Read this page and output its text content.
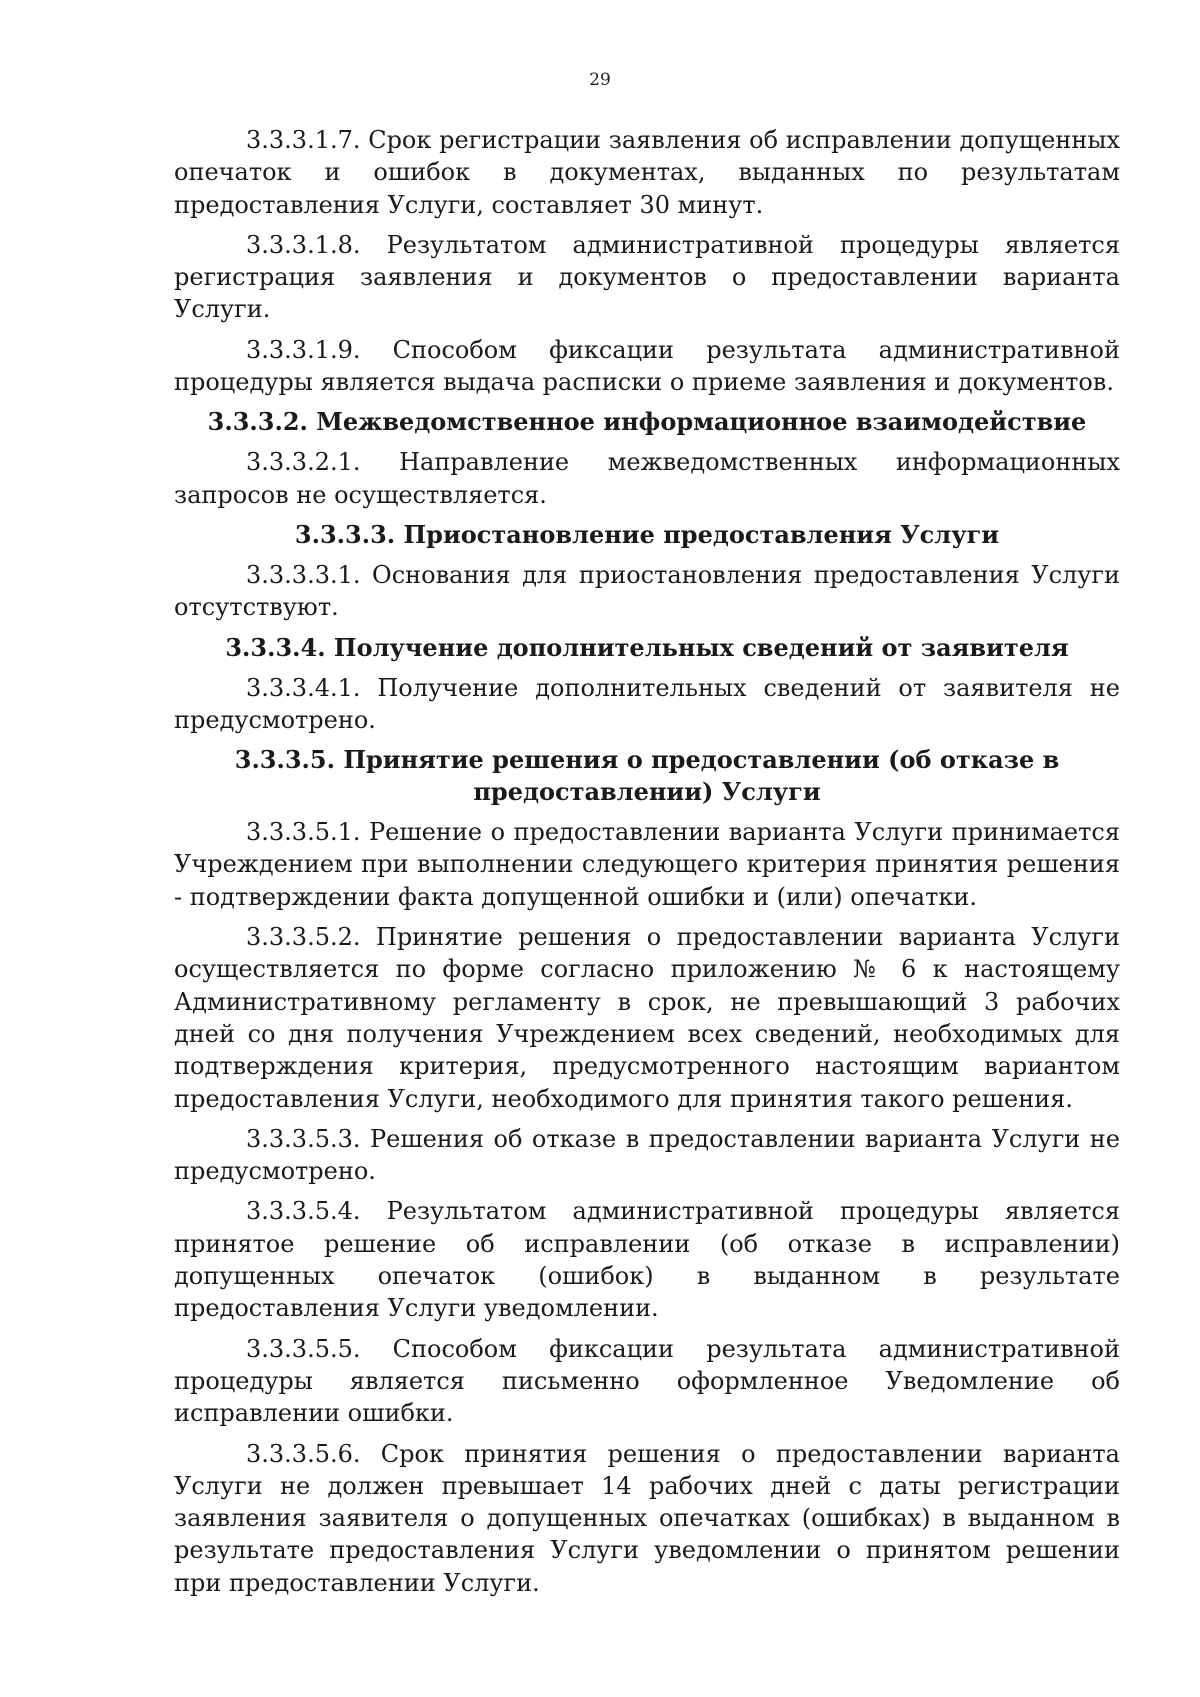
29

3.3.3.1.7. Срок регистрации заявления об исправлении допущенных опечаток и ошибок в документах, выданных по результатам предоставления Услуги, составляет 30 минут.

3.3.3.1.8. Результатом административной процедуры является регистрация заявления и документов о предоставлении варианта Услуги.

3.3.3.1.9. Способом фиксации результата административной процедуры является выдача расписки о приеме заявления и документов.

3.3.3.2. Межведомственное информационное взаимодействие

3.3.3.2.1. Направление межведомственных информационных запросов не осуществляется.

3.3.3.3. Приостановление предоставления Услуги

3.3.3.3.1. Основания для приостановления предоставления Услуги отсутствуют.

3.3.3.4. Получение дополнительных сведений от заявителя

3.3.3.4.1. Получение дополнительных сведений от заявителя не предусмотрено.

3.3.3.5. Принятие решения о предоставлении (об отказе в
предоставлении) Услуги

3.3.3.5.1. Решение о предоставлении варианта Услуги принимается Учреждением при выполнении следующего критерия принятия решения - подтверждении факта допущенной ошибки и (или) опечатки.

3.3.3.5.2. Принятие решения о предоставлении варианта Услуги осуществляется по форме согласно приложению № 6 к настоящему Административному регламенту в срок, не превышающий 3 рабочих дней со дня получения Учреждением всех сведений, необходимых для подтверждения критерия, предусмотренного настоящим вариантом предоставления Услуги, необходимого для принятия такого решения.

3.3.3.5.3. Решения об отказе в предоставлении варианта Услуги не предусмотрено.

3.3.3.5.4. Результатом административной процедуры является принятое решение об исправлении (об отказе в исправлении) допущенных опечаток (ошибок) в выданном в результате предоставления Услуги уведомлении.

3.3.3.5.5. Способом фиксации результата административной процедуры является письменно оформленное Уведомление об исправлении ошибки.

3.3.3.5.6. Срок принятия решения о предоставлении варианта Услуги не должен превышает 14 рабочих дней с даты регистрации заявления заявителя о допущенных опечатках (ошибках) в выданном в результате предоставления Услуги уведомлении о принятом решении при предоставлении Услуги.
